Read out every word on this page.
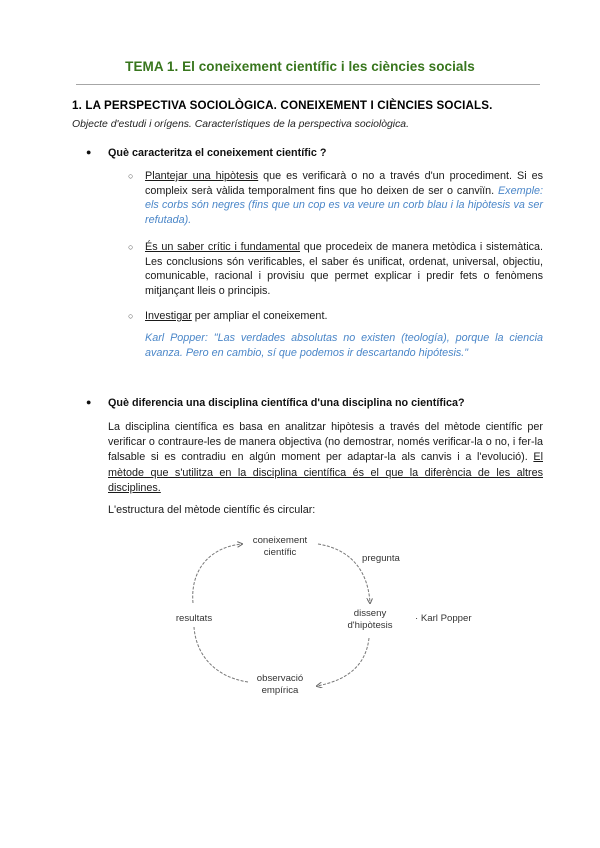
TEMA 1. El coneixement científic i les ciències socials
1. LA PERSPECTIVA SOCIOLÒGICA. CONEIXEMENT I CIÈNCIES SOCIALS.
Objecte d'estudi i orígens. Característiques de la perspectiva sociològica.
● Què caracteritza el coneixement científic ?
○ Plantejar una hipòtesis que es verificarà o no a través d'un procediment. Si es compleix serà vàlida temporalment fins que ho deixen de ser o canviïn. Exemple: els corbs són negres (fins que un cop es va veure un corb blau i la hipòtesis va ser refutada).
○ És un saber crític i fundamental que procedeix de manera metòdica i sistemàtica. Les conclusions són verificables, el saber és unificat, ordenat, universal, objectiu, comunicable, racional i provisiu que permet explicar i predir fets o fenòmens mitjançant lleis o principis.
○ Investigar per ampliar el coneixement.
Karl Popper: "Las verdades absolutas no existen (teología), porque la ciencia avanza. Pero en cambio, sí que podemos ir descartando hipótesis."
● Què diferencia una disciplina científica d'una disciplina no científica?
La disciplina científica es basa en analitzar hipòtesis a través del mètode científic per verificar o contraure-les de manera objectiva (no demostrar, només verificar-la o no, i fer-la falsable si es contradiu en algún moment per adaptar-la als canvis i a l'evolució). El mètode que s'utilitza en la disciplina científica és el que la diferència de les altres disciplines.
L'estructura del mètode científic és circular:
coneixement
científic
pregunta
disseny
d'hipòtesis
· Karl Popper
observació
empírica
resultats
